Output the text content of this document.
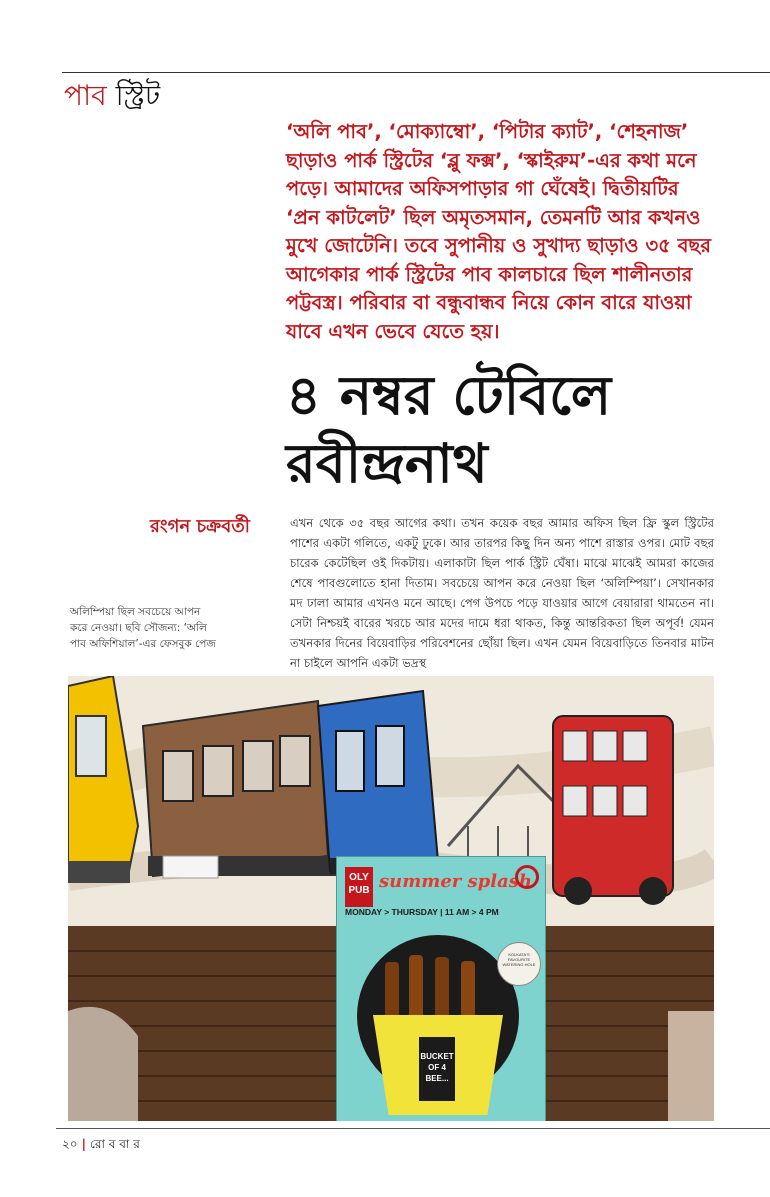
পাব স্ট্রিট
‘অলি পাব’, ‘মোক্যাম্বো’, ‘পিটার ক্যাট’, ‘শেহনাজ’ ছাড়াও পার্ক স্ট্রিটের ‘ব্লু ফক্স’, ‘স্কাইরুম’-এর কথা মনে পড়ে। আমাদের অফিসপাড়ার গা ঘেঁষেই। দ্বিতীয়টির ‘প্রন কাটলেট’ ছিল অমৃতসমান, তেমনটি আর কখনও মুখে জোটেনি। তবে সুপানীয় ও সুখাদ্য ছাড়াও ৩৫ বছর আগেকার পার্ক স্ট্রিটের পাব কালচারে ছিল শালীনতার পট্টবস্ত্র। পরিবার বা বন্ধুবান্ধব নিয়ে কোন বারে যাওয়া যাবে এখন ভেবে যেতে হয়।
৪ নম্বর টেবিলে
রবীন্দ্রনাথ
রংগন চক্রবর্তী	এখন থেকে ৩৫ বছর আগের কথা। তখন কয়েক বছর আমার অফিস ছিল ফ্রি স্কুল স্ট্রিটের পাশের একটা গলিতে, একটু ঢুকে। আর তারপর কিছু দিন অন্য পাশে রাস্তার ওপর। মোট বছর চারেক কেটেছিল ওই দিকটায়। এলাকাটা ছিল পার্ক স্ট্রিট ঘেঁষা। মাঝে মাঝেই আমরা কাজের শেষে পাবগুলোতে হানা দিতাম। সবচেয়ে আপন করে নেওয়া ছিল ‘অলিম্পিয়া’। সেখানকার মদ ঢালা আমার এখনও মনে আছে। পেগ উপচে পড়ে যাওয়ার আগে বেয়ারারা থামতেন না। সেটা নিশ্চয়ই বারের খরচে আর মদের দামে ধরা থাকত, কিন্তু আন্তরিকতা ছিল অপূর্ব! যেমন তখনকার দিনের বিয়েবাড়ির পরিবেশনের ছোঁয়া ছিল। এখন যেমন বিয়েবাড়িতে তিনবার মাটন না চাইলে আপনি একটা ভদ্রস্থ
অলিম্পিয়া ছিল সবচেয়ে আপন করে নেওয়া। ছবি সৌজন্য: ‘অলি পাব অফিশিয়াল’-এর ফেসবুক পেজ
OLY
PUB summer splash
MONDAY > THURSDAY | 11 AM > 4 PM
KOLKATA'S FAVOURITE WATERING HOLE
BUCKET
OF 4
BEE...
২০ | রো ব বা র
